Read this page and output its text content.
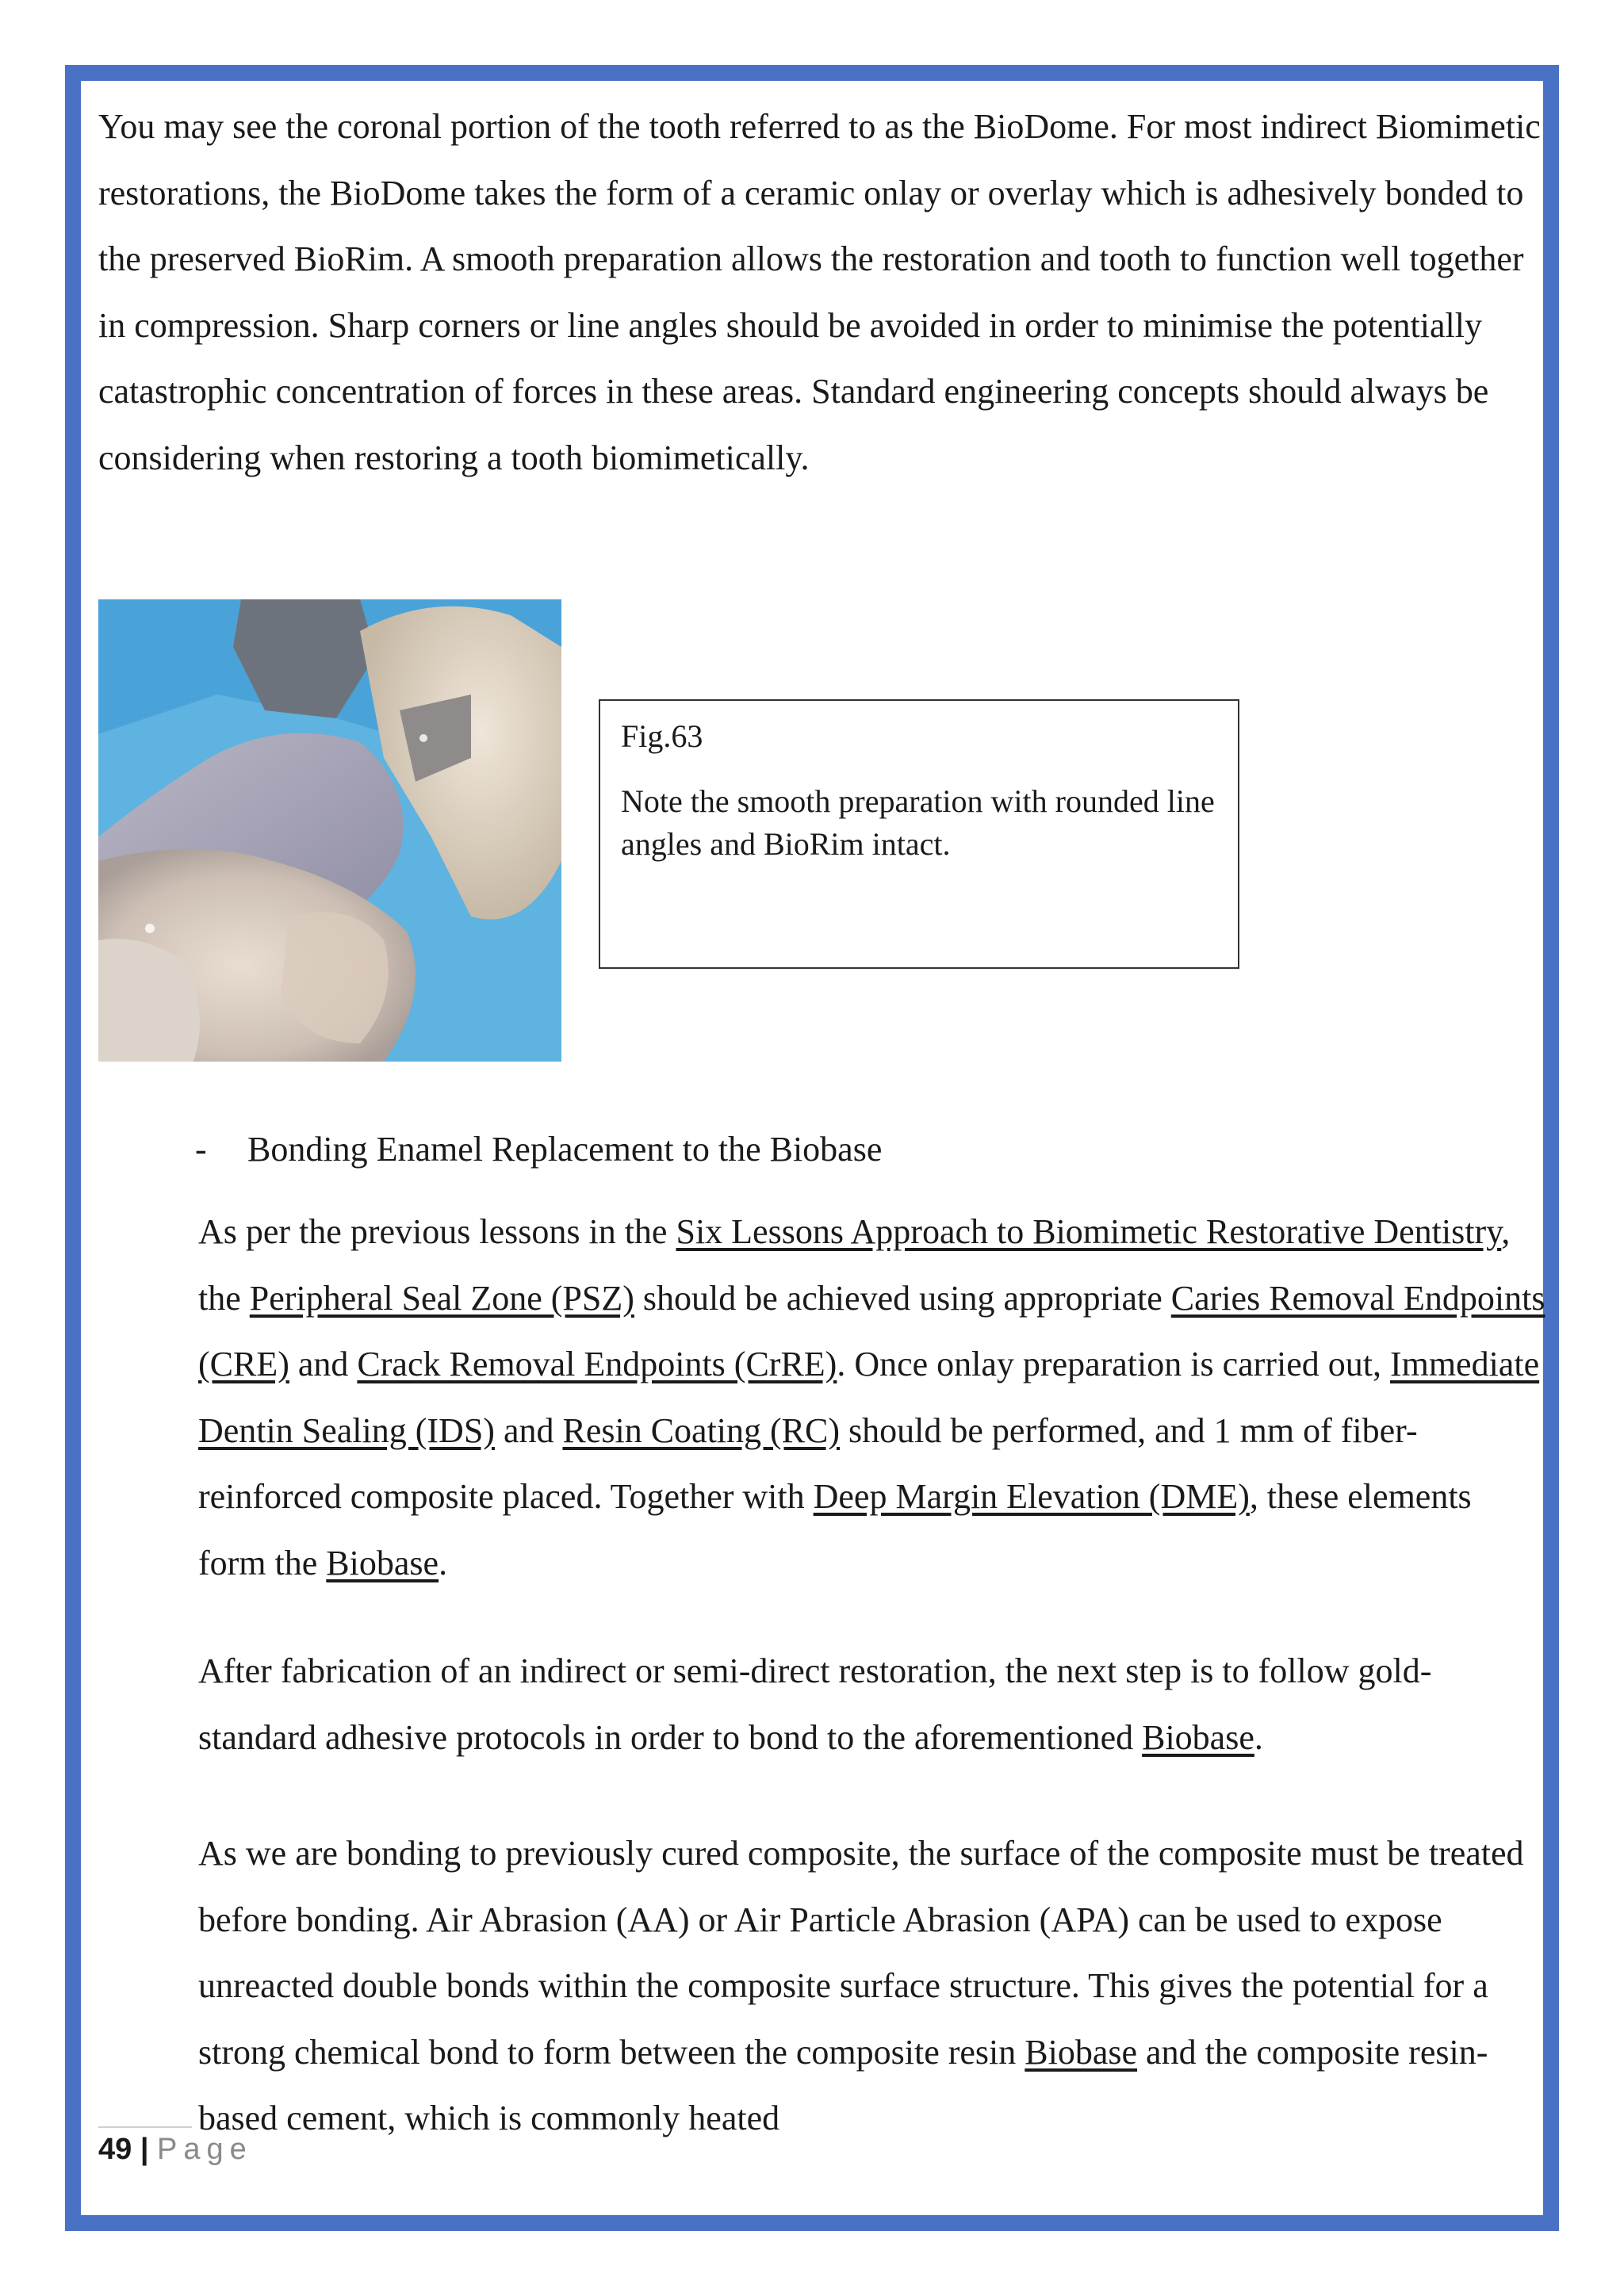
You may see the coronal portion of the tooth referred to as the BioDome. For most indirect Biomimetic restorations, the BioDome takes the form of a ceramic onlay or overlay which is adhesively bonded to the preserved BioRim. A smooth preparation allows the restoration and tooth to function well together in compression. Sharp corners or line angles should be avoided in order to minimise the potentially catastrophic concentration of forces in these areas. Standard engineering concepts should always be considering when restoring a tooth biomimetically.

Fig.63

Note the smooth preparation with rounded line angles and BioRim intact.

- Bonding Enamel Replacement to the Biobase

As per the previous lessons in the Six Lessons Approach to Biomimetic Restorative Dentistry, the Peripheral Seal Zone (PSZ) should be achieved using appropriate Caries Removal Endpoints (CRE) and Crack Removal Endpoints (CrRE). Once onlay preparation is carried out, Immediate Dentin Sealing (IDS) and Resin Coating (RC) should be performed, and 1 mm of fiber-reinforced composite placed. Together with Deep Margin Elevation (DME), these elements form the Biobase.

After fabrication of an indirect or semi-direct restoration, the next step is to follow gold-standard adhesive protocols in order to bond to the aforementioned Biobase.

As we are bonding to previously cured composite, the surface of the composite must be treated before bonding. Air Abrasion (AA) or Air Particle Abrasion (APA) can be used to expose unreacted double bonds within the composite surface structure. This gives the potential for a strong chemical bond to form between the composite resin Biobase and the composite resin-based cement, which is commonly heated

49 | Page
